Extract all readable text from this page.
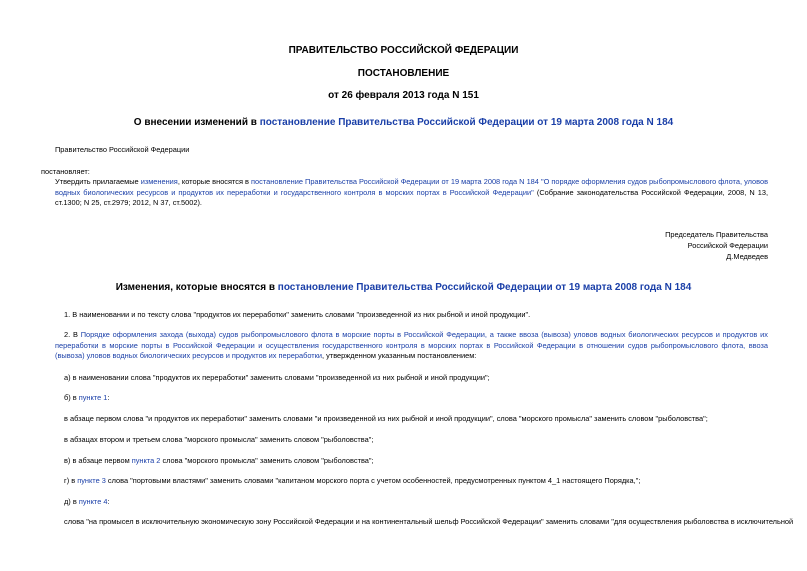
ПРАВИТЕЛЬСТВО РОССИЙСКОЙ ФЕДЕРАЦИИ
ПОСТАНОВЛЕНИЕ
от 26 февраля 2013 года N 151
О внесении изменений в постановление Правительства Российской Федерации от 19 марта 2008 года N 184
Правительство Российской Федерации
постановляет:
Утвердить прилагаемые изменения, которые вносятся в постановление Правительства Российской Федерации от 19 марта 2008 года N 184 "О порядке оформления судов рыбопромыслового флота, уловов водных биологических ресурсов и продуктов их переработки и государственного контроля в морских портах в Российской Федерации" (Собрание законодательства Российской Федерации, 2008, N 13, ст.1300; N 25, ст.2979; 2012, N 37, ст.5002).
Председатель Правительства
Российской Федерации
Д.Медведев
Изменения, которые вносятся в постановление Правительства Российской Федерации от 19 марта 2008 года N 184
1. В наименовании и по тексту слова "продуктов их переработки" заменить словами "произведенной из них рыбной и иной продукции".
2. В Порядке оформления захода (выхода) судов рыбопромыслового флота в морские порты в Российской Федерации, а также ввоза (вывоза) уловов водных биологических ресурсов и продуктов их переработки в морские порты в Российской Федерации и осуществления государственного контроля в морских портах в Российской Федерации в отношении судов рыбопромыслового флота, ввоза (вывоза) уловов водных биологических ресурсов и продуктов их переработки, утвержденном указанным постановлением:
а) в наименовании слова "продуктов их переработки" заменить словами "произведенной из них рыбной и иной продукции";
б) в пункте 1:
в абзаце первом слова "и продуктов их переработки" заменить словами "и произведенной из них рыбной и иной продукции", слова "морского промысла" заменить словом "рыболовства";
в абзацах втором и третьем слова "морского промысла" заменить словом "рыболовства";
в) в абзаце первом пункта 2 слова "морского промысла" заменить словом "рыболовства";
г) в пункте 3 слова "портовыми властями" заменить словами "капитаном морского порта с учетом особенностей, предусмотренных пунктом 4_1 настоящего Порядка,";
д) в пункте 4:
слова "на промысел в исключительную экономическую зону Российской Федерации и на континентальный шельф Российской Федерации" заменить словами "для осуществления рыболовства в исключительной
